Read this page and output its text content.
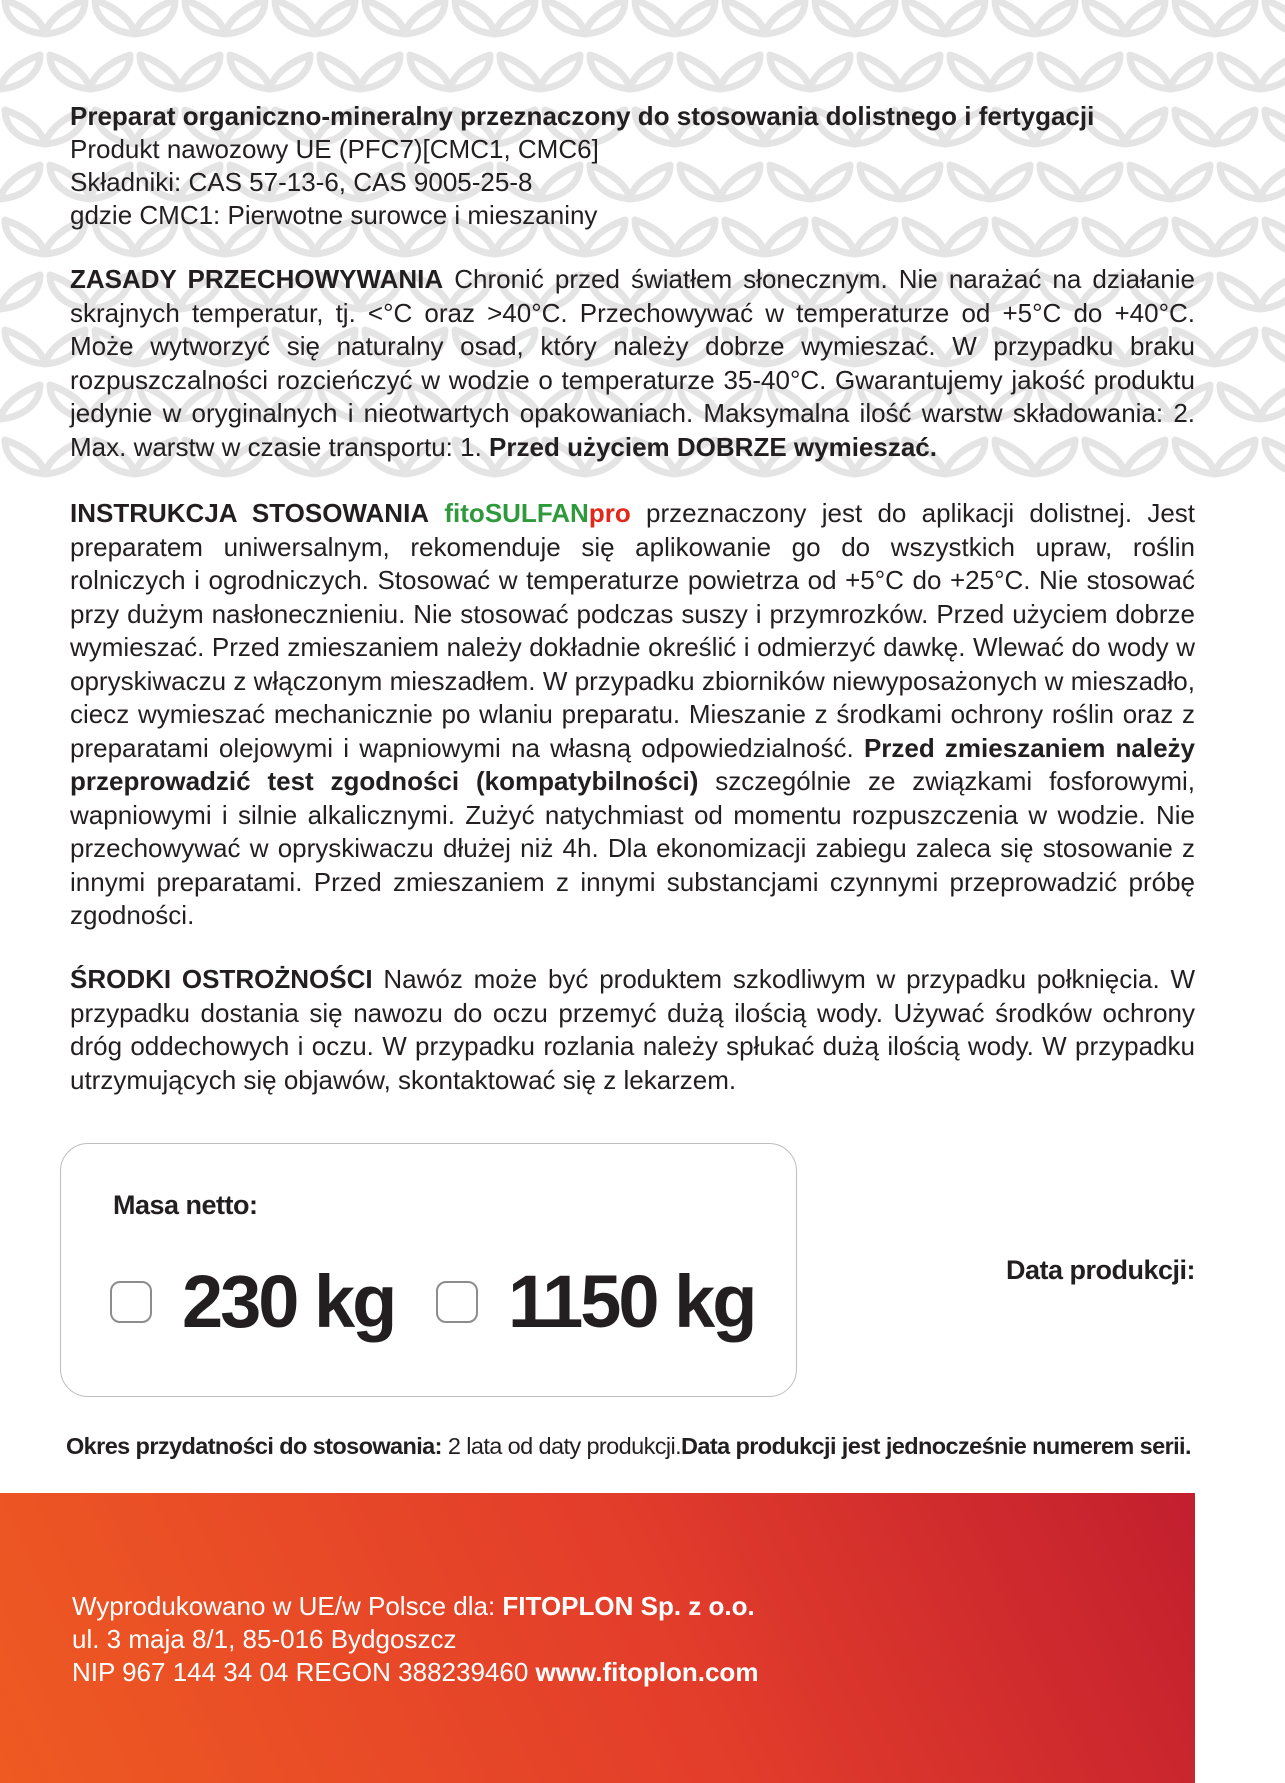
Preparat organiczno-mineralny przeznaczony do stosowania dolistnego i fertygacji
Produkt nawozowy UE (PFC7)[CMC1, CMC6]
Składniki: CAS 57-13-6, CAS 9005-25-8
gdzie CMC1: Pierwotne surowce i mieszaniny
ZASADY PRZECHOWYWANIA Chronić przed światłem słonecznym. Nie narażać na działanie skrajnych temperatur, tj. <°C oraz >40°C. Przechowywać w temperaturze od +5°C do +40°C. Może wytworzyć się naturalny osad, który należy dobrze wymieszać. W przypadku braku rozpuszczalności rozcieńczyć w wodzie o temperaturze 35-40°C. Gwarantujemy jakość produktu jedynie w oryginalnych i nieotwartych opakowaniach. Maksymalna ilość warstw składowania: 2. Max. warstw w czasie transportu: 1. Przed użyciem DOBRZE wymieszać.
INSTRUKCJA STOSOWANIA fitoSULFANpro przeznaczony jest do aplikacji dolistnej. Jest preparatem uniwersalnym, rekomenduje się aplikowanie go do wszystkich upraw, roślin rolniczych i ogrodniczych. Stosować w temperaturze powietrza od +5°C do +25°C. Nie stosować przy dużym nasłonecznieniu. Nie stosować podczas suszy i przymrozków. Przed użyciem dobrze wymieszać. Przed zmieszaniem należy dokładnie określić i odmierzyć dawkę. Wlewać do wody w opryskiwaczu z włączonym mieszadłem. W przypadku zbiorników niewyposażonych w mieszadło, ciecz wymieszać mechanicznie po wlaniu preparatu. Mieszanie z środkami ochrony roślin oraz z preparatami olejowymi i wapniowymi na własną odpowiedzialność. Przed zmieszaniem należy przeprowadzić test zgodności (kompatybilności) szczególnie ze związkami fosforowymi, wapniowymi i silnie alkalicznymi. Zużyć natychmiast od momentu rozpuszczenia w wodzie. Nie przechowywać w opryskiwaczu dłużej niż 4h. Dla ekonomizacji zabiegu zaleca się stosowanie z innymi preparatami. Przed zmieszaniem z innymi substancjami czynnymi przeprowadzić próbę zgodności.
ŚRODKI OSTROŻNOŚCI Nawóz może być produktem szkodliwym w przypadku połknięcia. W przypadku dostania się nawozu do oczu przemyć dużą ilością wody. Używać środków ochrony dróg oddechowych i oczu. W przypadku rozlania należy spłukać dużą ilością wody. W przypadku utrzymujących się objawów, skontaktować się z lekarzem.
Masa netto:
230 kg 1150 kg	Data produkcji:
Okres przydatności do stosowania: 2 lata od daty produkcji.Data produkcji jest jednocześnie numerem serii.
Wyprodukowano w UE/w Polsce dla: FITOPLON Sp. z o.o.
ul. 3 maja 8/1, 85-016 Bydgoszcz
NIP 967 144 34 04 REGON 388239460 www.fitoplon.com
